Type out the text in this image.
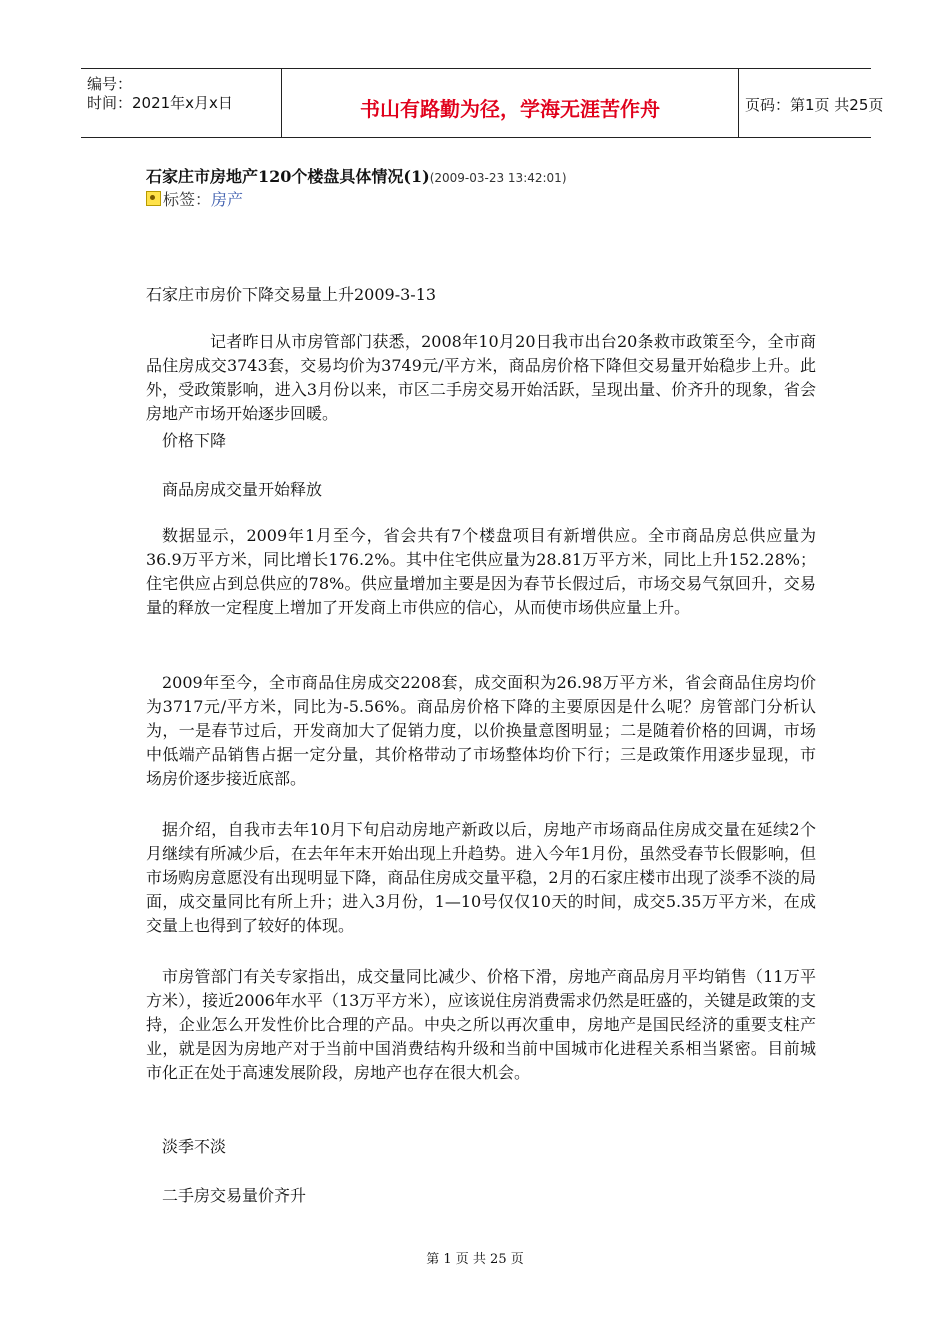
编号：
时间：2021年x月x日	书山有路勤为径，学海无涯苦作舟	页码：第1页 共25页
石家庄市房地产120个楼盘具体情况(1)(2009-03-23 13:42:01)
标签：房产

石家庄市房价下降交易量上升2009-3-13

记者昨日从市房管部门获悉，2008年10月20日我市出台20条救市政策至今，全市商品住房成交3743套，交易均价为3749元/平方米，商品房价格下降但交易量开始稳步上升。此外，受政策影响，进入3月份以来，市区二手房交易开始活跃，呈现出量、价齐升的现象，省会房地产市场开始逐步回暖。

价格下降

商品房成交量开始释放

数据显示，2009年1月至今，省会共有7个楼盘项目有新增供应。全市商品房总供应量为36.9万平方米，同比增长176.2%。其中住宅供应量为28.81万平方米，同比上升152.28%；住宅供应占到总供应的78%。供应量增加主要是因为春节长假过后，市场交易气氛回升，交易量的释放一定程度上增加了开发商上市供应的信心，从而使市场供应量上升。

2009年至今，全市商品住房成交2208套，成交面积为26.98万平方米，省会商品住房均价为3717元/平方米，同比为-5.56%。商品房价格下降的主要原因是什么呢？房管部门分析认为，一是春节过后，开发商加大了促销力度，以价换量意图明显；二是随着价格的回调，市场中低端产品销售占据一定分量，其价格带动了市场整体均价下行；三是政策作用逐步显现，市场房价逐步接近底部。

据介绍，自我市去年10月下旬启动房地产新政以后，房地产市场商品住房成交量在延续2个月继续有所减少后，在去年年末开始出现上升趋势。进入今年1月份，虽然受春节长假影响，但市场购房意愿没有出现明显下降，商品住房成交量平稳，2月的石家庄楼市出现了淡季不淡的局面，成交量同比有所上升；进入3月份，1—10号仅仅10天的时间，成交5.35万平方米，在成交量上也得到了较好的体现。

市房管部门有关专家指出，成交量同比减少、价格下滑，房地产商品房月平均销售（11万平方米），接近2006年水平（13万平方米），应该说住房消费需求仍然是旺盛的，关键是政策的支持，企业怎么开发性价比合理的产品。中央之所以再次重申，房地产是国民经济的重要支柱产业，就是因为房地产对于当前中国消费结构升级和当前中国城市化进程关系相当紧密。目前城市化正在处于高速发展阶段，房地产也存在很大机会。

淡季不淡

二手房交易量价齐升

第 1 页 共 25 页
